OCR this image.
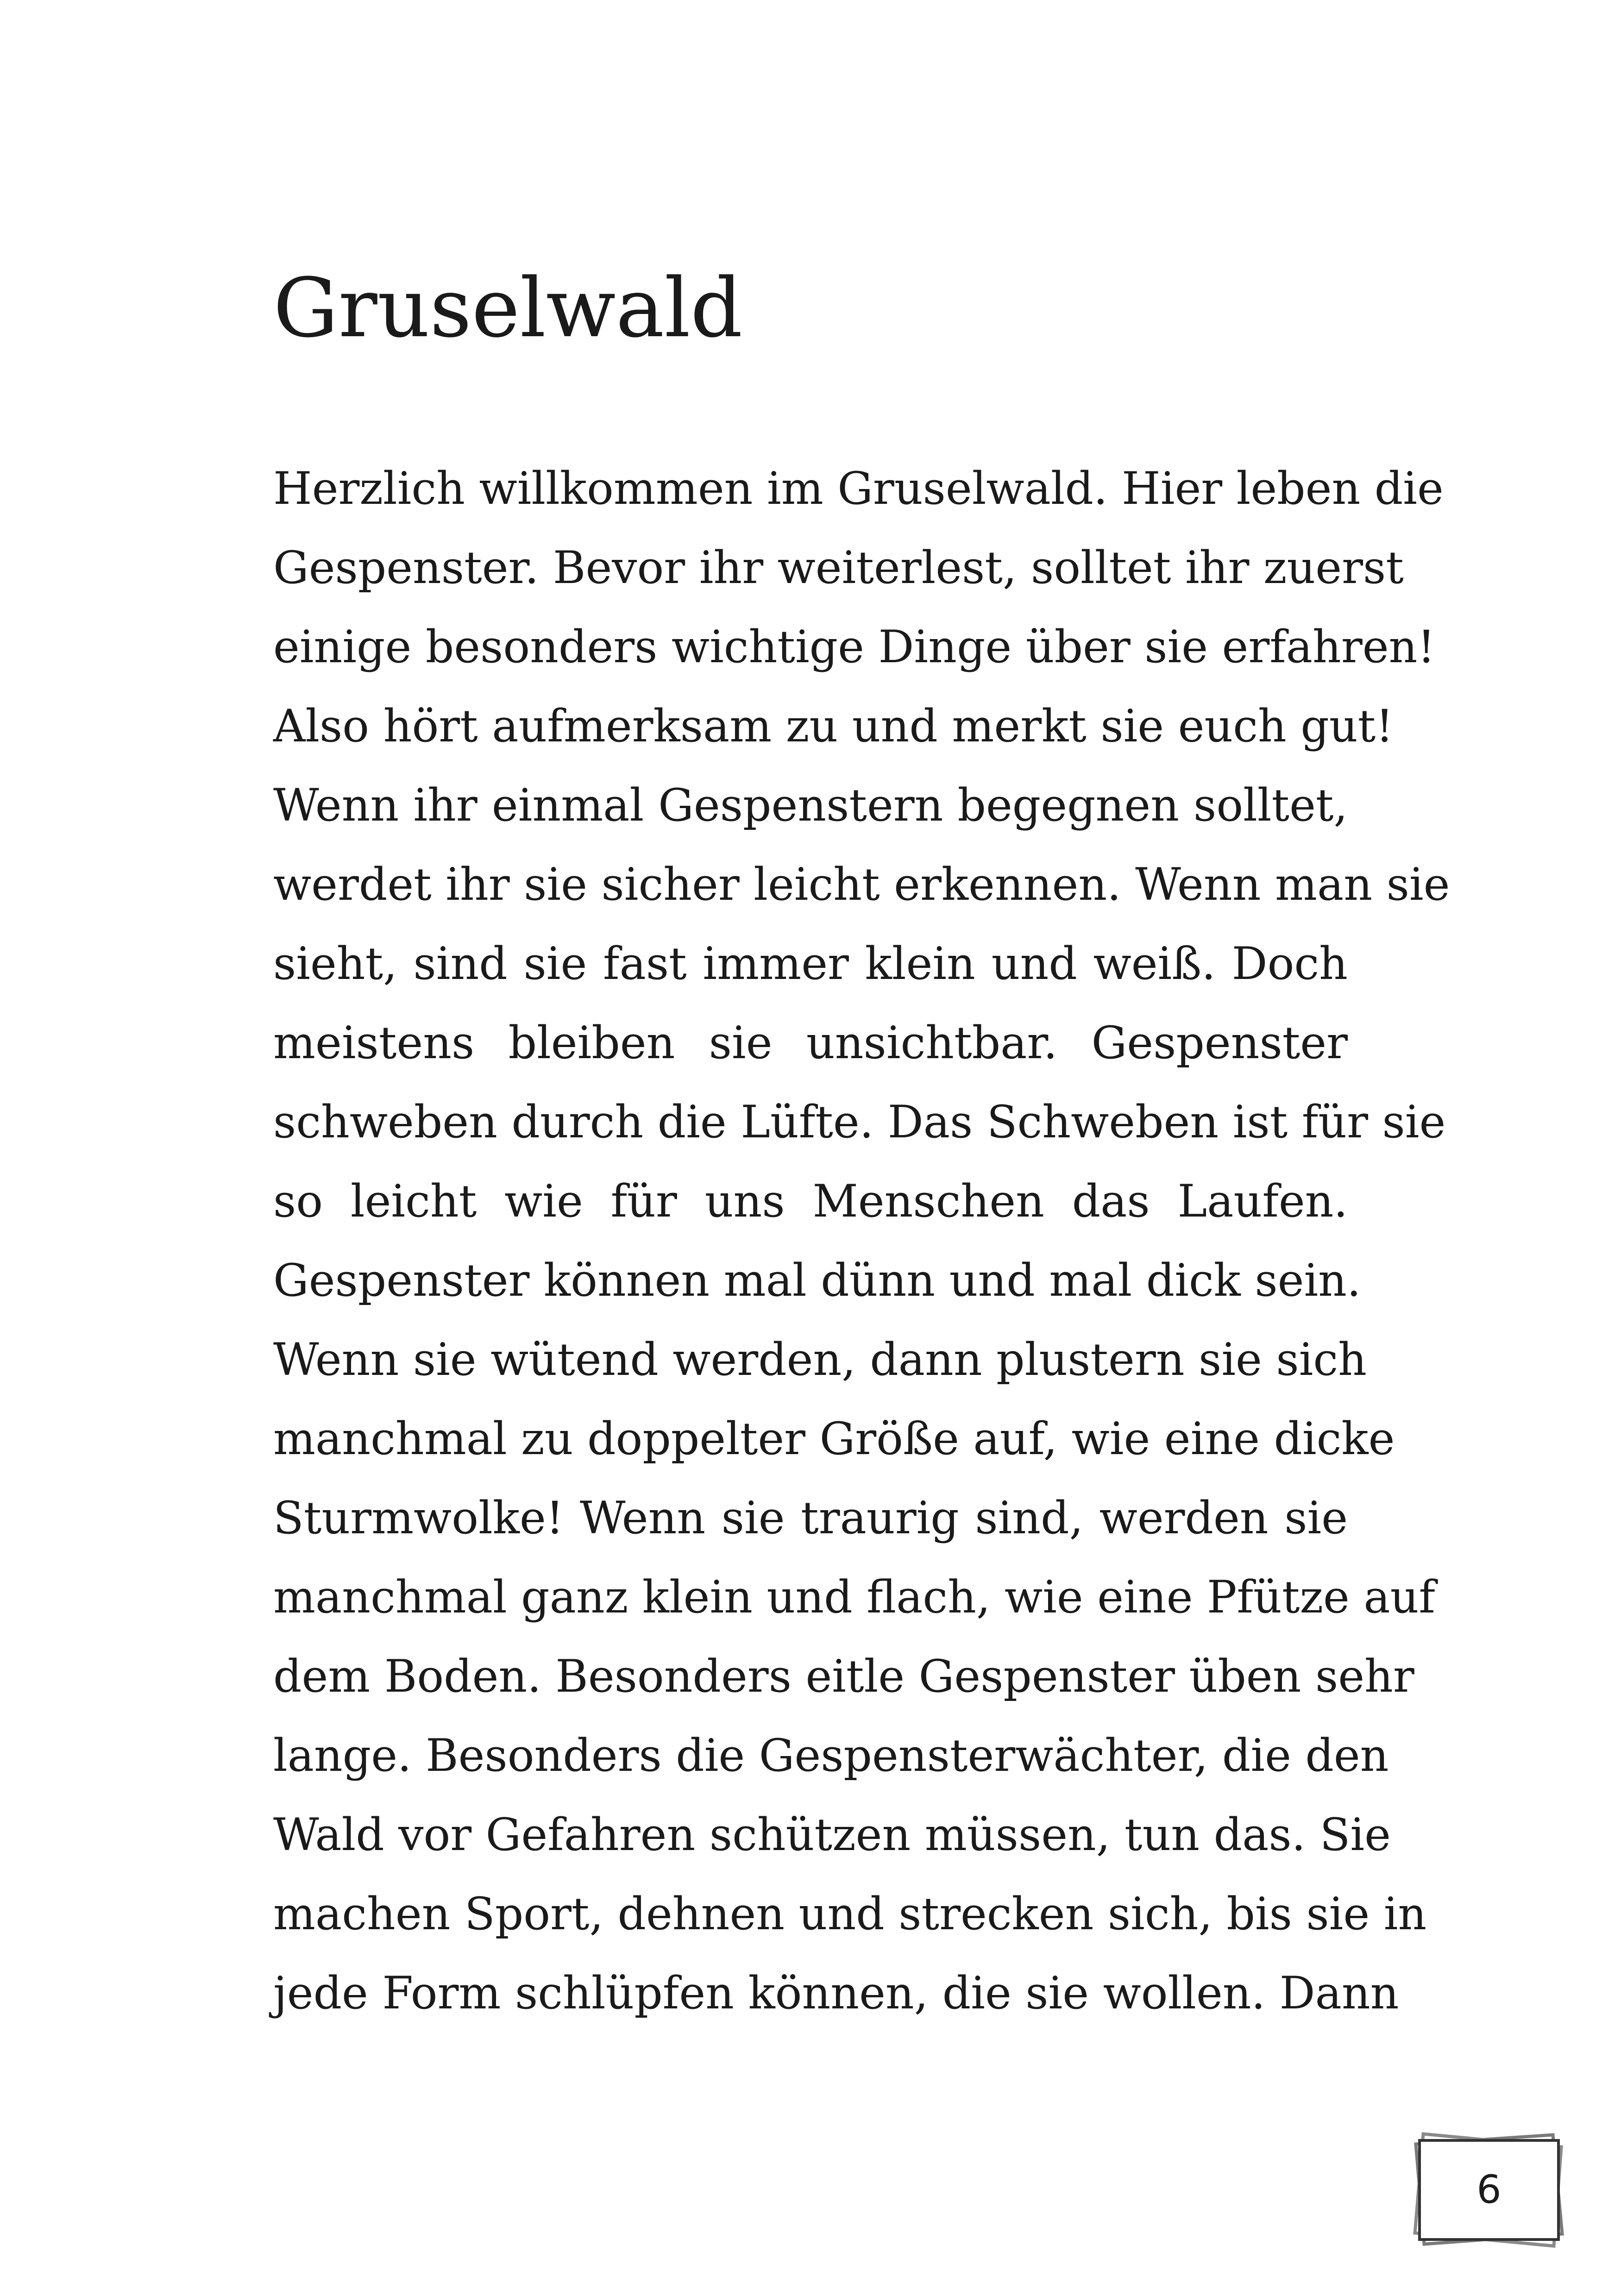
Gruselwald
Herzlich willkommen im Gruselwald. Hier leben die
Gespenster. Bevor ihr weiterlest, solltet ihr zuerst
einige besonders wichtige Dinge über sie erfahren!
Also hört aufmerksam zu und merkt sie euch gut!
Wenn ihr einmal Gespenstern begegnen solltet,
werdet ihr sie sicher leicht erkennen. Wenn man sie
sieht, sind sie fast immer klein und weiß. Doch
meistens bleiben sie unsichtbar. Gespenster
schweben durch die Lüfte. Das Schweben ist für sie
so leicht wie für uns Menschen das Laufen.
Gespenster können mal dünn und mal dick sein.
Wenn sie wütend werden, dann plustern sie sich
manchmal zu doppelter Größe auf, wie eine dicke
Sturmwolke! Wenn sie traurig sind, werden sie
manchmal ganz klein und flach, wie eine Pfütze auf
dem Boden. Besonders eitle Gespenster üben sehr
lange. Besonders die Gespensterwächter, die den
Wald vor Gefahren schützen müssen, tun das. Sie
machen Sport, dehnen und strecken sich, bis sie in
jede Form schlüpfen können, die sie wollen. Dann
6
